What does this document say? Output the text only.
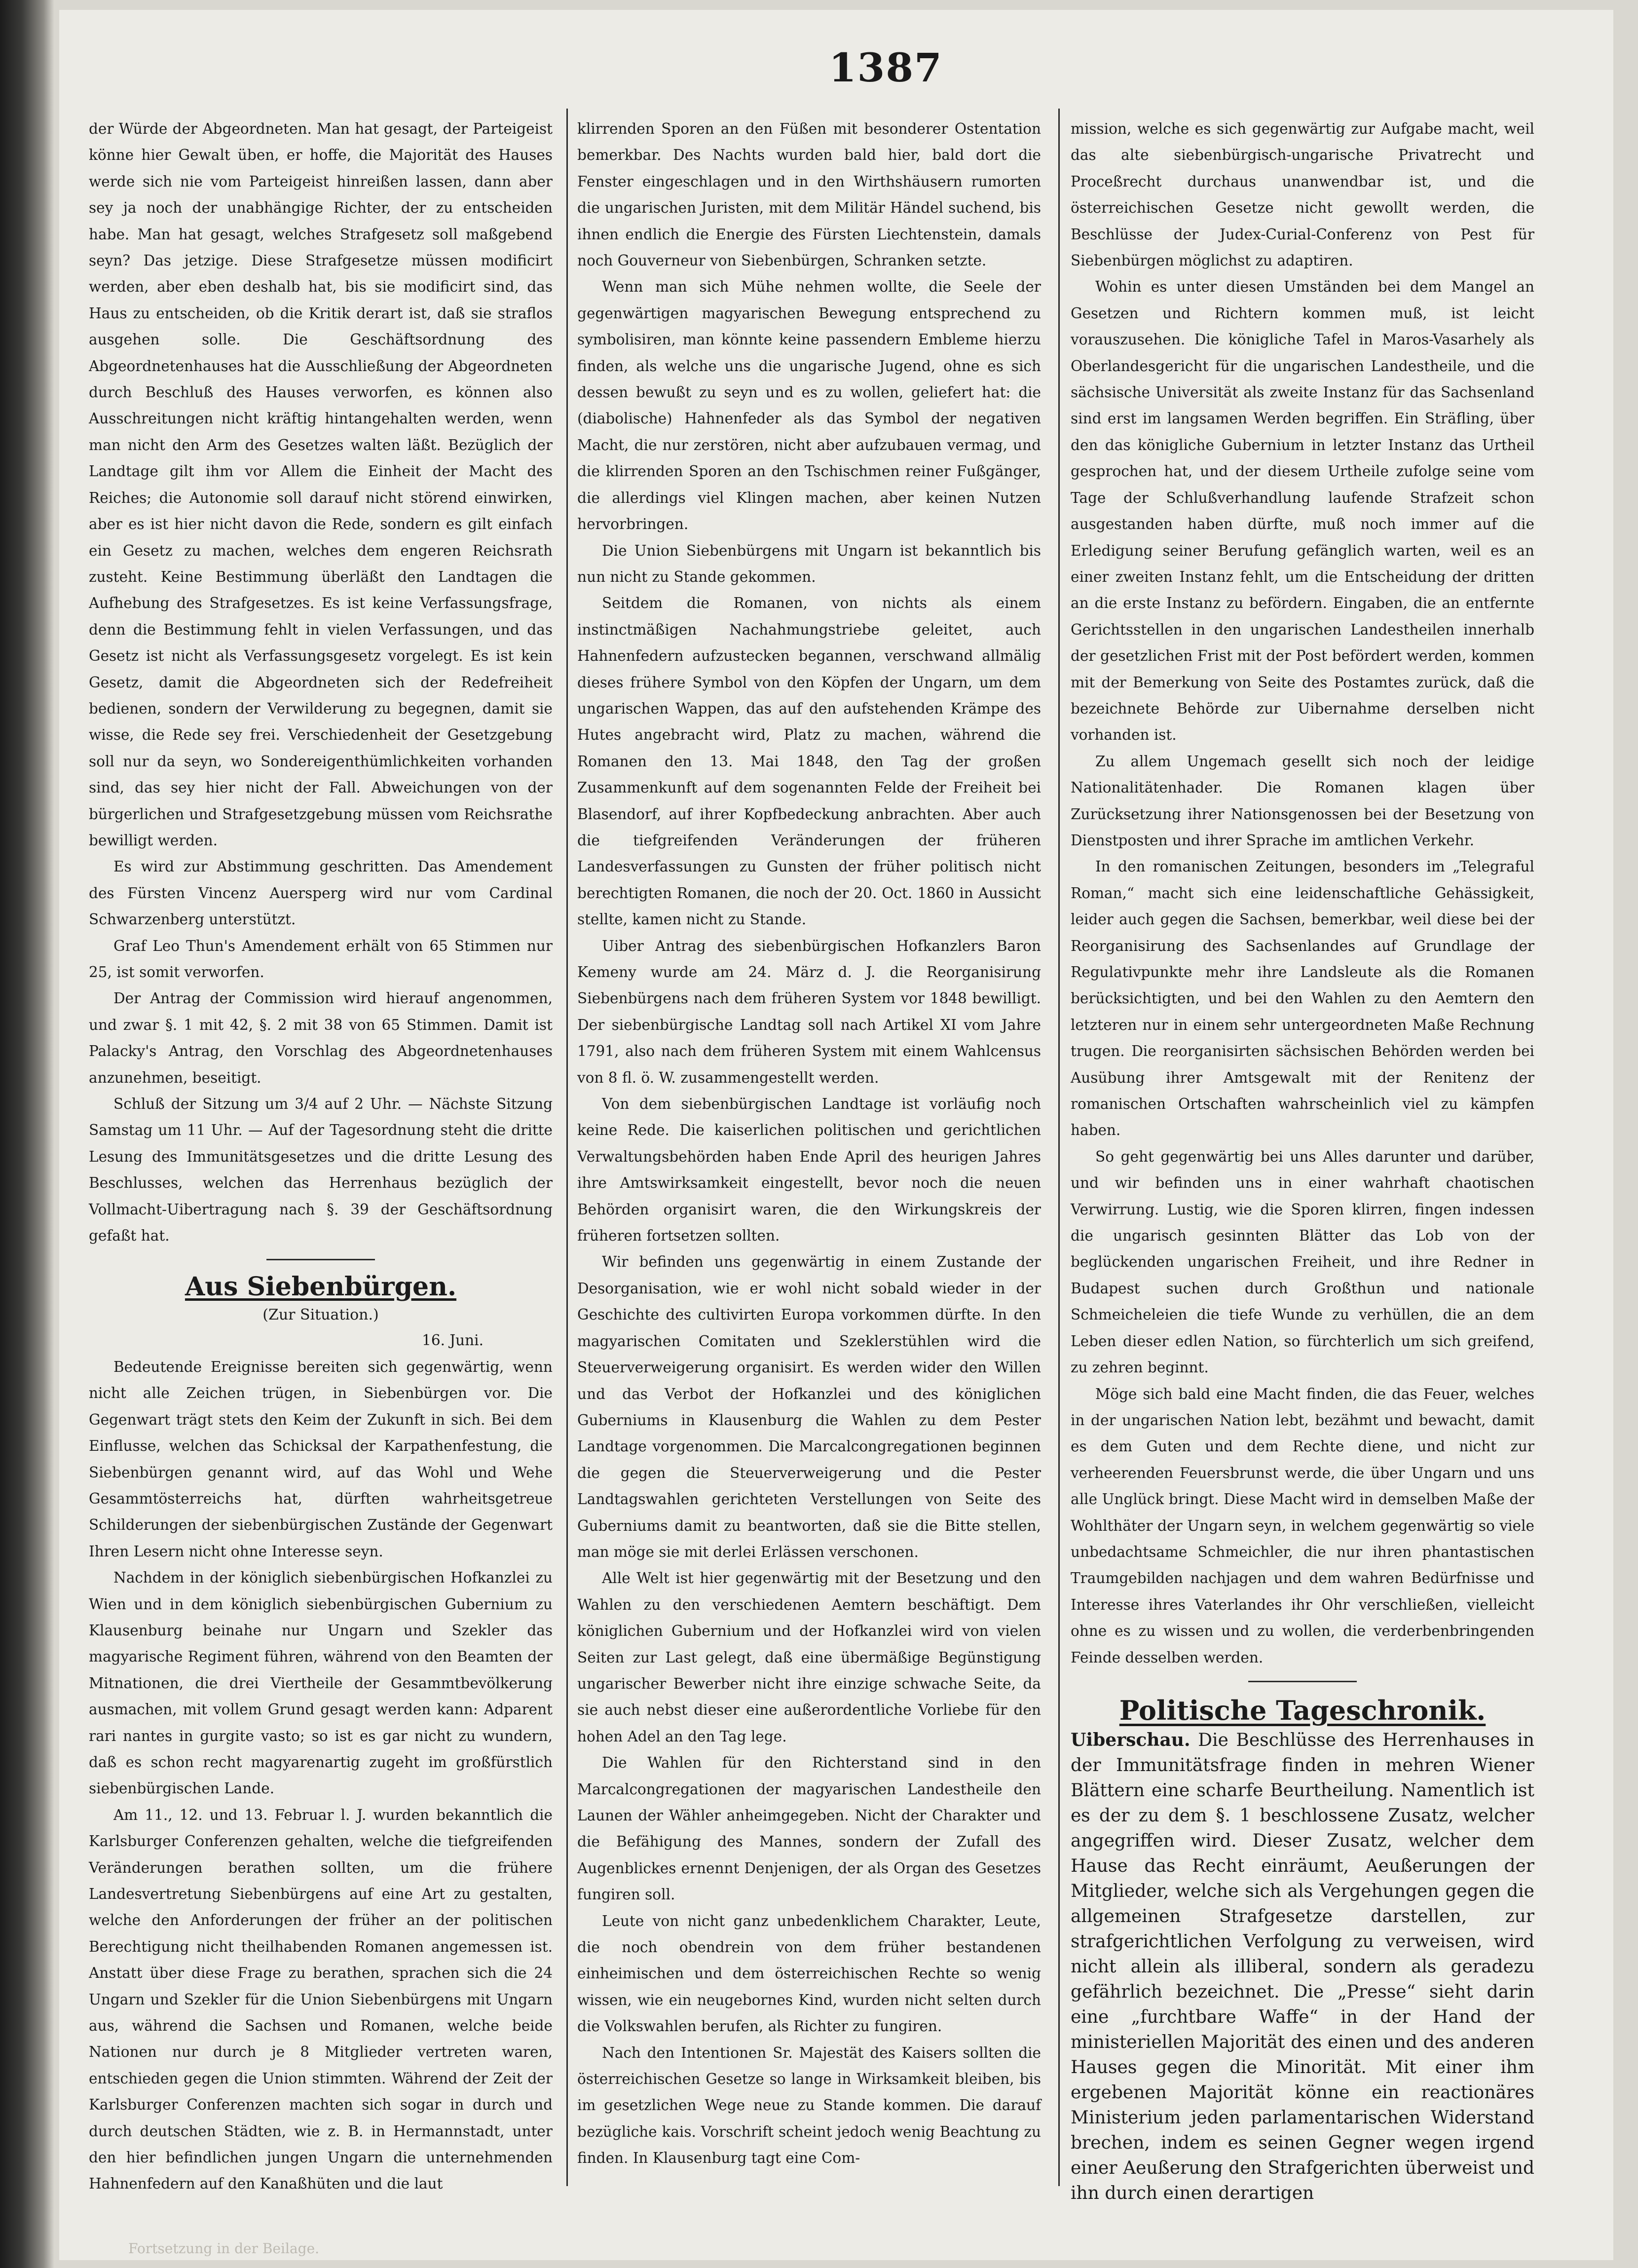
1387

der Würde der Abgeordneten. Man hat gesagt, der Parteigeist könne hier Gewalt üben, er hoffe, die Majorität des Hauses werde sich nie vom Parteigeist hinreißen lassen, dann aber sey ja noch der unabhängige Richter, der zu entscheiden habe. Man hat gesagt, welches Strafgesetz soll maßgebend seyn? Das jetzige. Diese Strafgesetze müssen modificirt werden, aber eben deshalb hat, bis sie modificirt sind, das Haus zu entscheiden, ob die Kritik derart ist, daß sie straflos ausgehen solle. Die Geschäftsordnung des Abgeordnetenhauses hat die Ausschließung der Abgeordneten durch Beschluß des Hauses verworfen, es können also Ausschreitungen nicht kräftig hintangehalten werden, wenn man nicht den Arm des Gesetzes walten läßt. Bezüglich der Landtage gilt ihm vor Allem die Einheit der Macht des Reiches; die Autonomie soll darauf nicht störend einwirken, aber es ist hier nicht davon die Rede, sondern es gilt einfach ein Gesetz zu machen, welches dem engeren Reichsrath zusteht. Keine Bestimmung überläßt den Landtagen die Aufhebung des Strafgesetzes. Es ist keine Verfassungsfrage, denn die Bestimmung fehlt in vielen Verfassungen, und das Gesetz ist nicht als Verfassungsgesetz vorgelegt. Es ist kein Gesetz, damit die Abgeordneten sich der Redefreiheit bedienen, sondern der Verwilderung zu begegnen, damit sie wisse, die Rede sey frei. Verschiedenheit der Gesetzgebung soll nur da seyn, wo Sondereigenthümlichkeiten vorhanden sind, das sey hier nicht der Fall. Abweichungen von der bürgerlichen und Strafgesetzgebung müssen vom Reichsrathe bewilligt werden.

Es wird zur Abstimmung geschritten. Das Amendement des Fürsten Vincenz Auersperg wird nur vom Cardinal Schwarzenberg unterstützt.

Graf Leo Thun's Amendement erhält von 65 Stimmen nur 25, ist somit verworfen.

Der Antrag der Commission wird hierauf angenommen, und zwar §. 1 mit 42, §. 2 mit 38 von 65 Stimmen. Damit ist Palacky's Antrag, den Vorschlag des Abgeordnetenhauses anzunehmen, beseitigt.

Schluß der Sitzung um 3/4 auf 2 Uhr. — Nächste Sitzung Samstag um 11 Uhr. — Auf der Tagesordnung steht die dritte Lesung des Immunitätsgesetzes und die dritte Lesung des Beschlusses, welchen das Herrenhaus bezüglich der Vollmacht-Uibertragung nach §. 39 der Geschäftsordnung gefaßt hat.

Aus Siebenbürgen.
(Zur Situation.)
16. Juni.

Bedeutende Ereignisse bereiten sich gegenwärtig, wenn nicht alle Zeichen trügen, in Siebenbürgen vor. Die Gegenwart trägt stets den Keim der Zukunft in sich. Bei dem Einflusse, welchen das Schicksal der Karpathenfestung, die Siebenbürgen genannt wird, auf das Wohl und Wehe Gesammtösterreichs hat, dürften wahrheitsgetreue Schilderungen der siebenbürgischen Zustände der Gegenwart Ihren Lesern nicht ohne Interesse seyn.

Nachdem in der königlich siebenbürgischen Hofkanzlei zu Wien und in dem königlich siebenbürgischen Gubernium zu Klausenburg beinahe nur Ungarn und Szekler das magyarische Regiment führen, während von den Beamten der Mitnationen, die drei Viertheile der Gesammtbevölkerung ausmachen, mit vollem Grund gesagt werden kann: Adparent rari nantes in gurgite vasto; so ist es gar nicht zu wundern, daß es schon recht magyarenartig zugeht im großfürstlich siebenbürgischen Lande.

Am 11., 12. und 13. Februar l. J. wurden bekanntlich die Karlsburger Conferenzen gehalten, welche die tiefgreifenden Veränderungen berathen sollten, um die frühere Landesvertretung Siebenbürgens auf eine Art zu gestalten, welche den Anforderungen der früher an der politischen Berechtigung nicht theilhabenden Romanen angemessen ist. Anstatt über diese Frage zu berathen, sprachen sich die 24 Ungarn und Szekler für die Union Siebenbürgens mit Ungarn aus, während die Sachsen und Romanen, welche beide Nationen nur durch je 8 Mitglieder vertreten waren, entschieden gegen die Union stimmten. Während der Zeit der Karlsburger Conferenzen machten sich sogar in durch und durch deutschen Städten, wie z. B. in Hermannstadt, unter den hier befindlichen jungen Ungarn die unternehmenden Hahnenfedern auf den Kanaßhüten und die laut

klirrenden Sporen an den Füßen mit besonderer Ostentation bemerkbar. Des Nachts wurden bald hier, bald dort die Fenster eingeschlagen und in den Wirthshäusern rumorten die ungarischen Juristen, mit dem Militär Händel suchend, bis ihnen endlich die Energie des Fürsten Liechtenstein, damals noch Gouverneur von Siebenbürgen, Schranken setzte.

Wenn man sich Mühe nehmen wollte, die Seele der gegenwärtigen magyarischen Bewegung entsprechend zu symbolisiren, man könnte keine passendern Embleme hierzu finden, als welche uns die ungarische Jugend, ohne es sich dessen bewußt zu seyn und es zu wollen, geliefert hat: die (diabolische) Hahnenfeder als das Symbol der negativen Macht, die nur zerstören, nicht aber aufzubauen vermag, und die klirrenden Sporen an den Tschischmen reiner Fußgänger, die allerdings viel Klingen machen, aber keinen Nutzen hervorbringen.

Die Union Siebenbürgens mit Ungarn ist bekanntlich bis nun nicht zu Stande gekommen.

Seitdem die Romanen, von nichts als einem instinctmäßigen Nachahmungstriebe geleitet, auch Hahnenfedern aufzustecken begannen, verschwand allmälig dieses frühere Symbol von den Köpfen der Ungarn, um dem ungarischen Wappen, das auf den aufstehenden Krämpe des Hutes angebracht wird, Platz zu machen, während die Romanen den 13. Mai 1848, den Tag der großen Zusammenkunft auf dem sogenannten Felde der Freiheit bei Blasendorf, auf ihrer Kopfbedeckung anbrachten. Aber auch die tiefgreifenden Veränderungen der früheren Landesverfassungen zu Gunsten der früher politisch nicht berechtigten Romanen, die noch der 20. Oct. 1860 in Aussicht stellte, kamen nicht zu Stande.

Uiber Antrag des siebenbürgischen Hofkanzlers Baron Kemeny wurde am 24. März d. J. die Reorganisirung Siebenbürgens nach dem früheren System vor 1848 bewilligt. Der siebenbürgische Landtag soll nach Artikel XI vom Jahre 1791, also nach dem früheren System mit einem Wahlcensus von 8 fl. ö. W. zusammengestellt werden.

Von dem siebenbürgischen Landtage ist vorläufig noch keine Rede. Die kaiserlichen politischen und gerichtlichen Verwaltungsbehörden haben Ende April des heurigen Jahres ihre Amtswirksamkeit eingestellt, bevor noch die neuen Behörden organisirt waren, die den Wirkungskreis der früheren fortsetzen sollten.

Wir befinden uns gegenwärtig in einem Zustande der Desorganisation, wie er wohl nicht sobald wieder in der Geschichte des cultivirten Europa vorkommen dürfte. In den magyarischen Comitaten und Szeklerstühlen wird die Steuerverweigerung organisirt. Es werden wider den Willen und das Verbot der Hofkanzlei und des königlichen Guberniums in Klausenburg die Wahlen zu dem Pester Landtage vorgenommen. Die Marcalcongregationen beginnen die gegen die Steuerverweigerung und die Pester Landtagswahlen gerichteten Verstellungen von Seite des Guberniums damit zu beantworten, daß sie die Bitte stellen, man möge sie mit derlei Erlässen verschonen.

Alle Welt ist hier gegenwärtig mit der Besetzung und den Wahlen zu den verschiedenen Aemtern beschäftigt. Dem königlichen Gubernium und der Hofkanzlei wird von vielen Seiten zur Last gelegt, daß eine übermäßige Begünstigung ungarischer Bewerber nicht ihre einzige schwache Seite, da sie auch nebst dieser eine außerordentliche Vorliebe für den hohen Adel an den Tag lege.

Die Wahlen für den Richterstand sind in den Marcalcongregationen der magyarischen Landestheile den Launen der Wähler anheimgegeben. Nicht der Charakter und die Befähigung des Mannes, sondern der Zufall des Augenblickes ernennt Denjenigen, der als Organ des Gesetzes fungiren soll.

Leute von nicht ganz unbedenklichem Charakter, Leute, die noch obendrein von dem früher bestandenen einheimischen und dem österreichischen Rechte so wenig wissen, wie ein neugebornes Kind, wurden nicht selten durch die Volkswahlen berufen, als Richter zu fungiren.

Nach den Intentionen Sr. Majestät des Kaisers sollten die österreichischen Gesetze so lange in Wirksamkeit bleiben, bis im gesetzlichen Wege neue zu Stande kommen. Die darauf bezügliche kais. Vorschrift scheint jedoch wenig Beachtung zu finden. In Klausenburg tagt eine Com-

mission, welche es sich gegenwärtig zur Aufgabe macht, weil das alte siebenbürgisch-ungarische Privatrecht und Proceßrecht durchaus unanwendbar ist, und die österreichischen Gesetze nicht gewollt werden, die Beschlüsse der Judex-Curial-Conferenz von Pest für Siebenbürgen möglichst zu adaptiren.

Wohin es unter diesen Umständen bei dem Mangel an Gesetzen und Richtern kommen muß, ist leicht vorauszusehen. Die königliche Tafel in Maros-Vasarhely als Oberlandesgericht für die ungarischen Landestheile, und die sächsische Universität als zweite Instanz für das Sachsenland sind erst im langsamen Werden begriffen. Ein Sträfling, über den das königliche Gubernium in letzter Instanz das Urtheil gesprochen hat, und der diesem Urtheile zufolge seine vom Tage der Schlußverhandlung laufende Strafzeit schon ausgestanden haben dürfte, muß noch immer auf die Erledigung seiner Berufung gefänglich warten, weil es an einer zweiten Instanz fehlt, um die Entscheidung der dritten an die erste Instanz zu befördern. Eingaben, die an entfernte Gerichtsstellen in den ungarischen Landestheilen innerhalb der gesetzlichen Frist mit der Post befördert werden, kommen mit der Bemerkung von Seite des Postamtes zurück, daß die bezeichnete Behörde zur Uibernahme derselben nicht vorhanden ist.

Zu allem Ungemach gesellt sich noch der leidige Nationalitätenhader. Die Romanen klagen über Zurücksetzung ihrer Nationsgenossen bei der Besetzung von Dienstposten und ihrer Sprache im amtlichen Verkehr.

In den romanischen Zeitungen, besonders im „Telegraful Roman,“ macht sich eine leidenschaftliche Gehässigkeit, leider auch gegen die Sachsen, bemerkbar, weil diese bei der Reorganisirung des Sachsenlandes auf Grundlage der Regulativpunkte mehr ihre Landsleute als die Romanen berücksichtigten, und bei den Wahlen zu den Aemtern den letzteren nur in einem sehr untergeordneten Maße Rechnung trugen. Die reorganisirten sächsischen Behörden werden bei Ausübung ihrer Amtsgewalt mit der Renitenz der romanischen Ortschaften wahrscheinlich viel zu kämpfen haben.

So geht gegenwärtig bei uns Alles darunter und darüber, und wir befinden uns in einer wahrhaft chaotischen Verwirrung. Lustig, wie die Sporen klirren, fingen indessen die ungarisch gesinnten Blätter das Lob von der beglückenden ungarischen Freiheit, und ihre Redner in Budapest suchen durch Großthun und nationale Schmeicheleien die tiefe Wunde zu verhüllen, die an dem Leben dieser edlen Nation, so fürchterlich um sich greifend, zu zehren beginnt.

Möge sich bald eine Macht finden, die das Feuer, welches in der ungarischen Nation lebt, bezähmt und bewacht, damit es dem Guten und dem Rechte diene, und nicht zur verheerenden Feuersbrunst werde, die über Ungarn und uns alle Unglück bringt. Diese Macht wird in demselben Maße der Wohlthäter der Ungarn seyn, in welchem gegenwärtig so viele unbedachtsame Schmeichler, die nur ihren phantastischen Traumgebilden nachjagen und dem wahren Bedürfnisse und Interesse ihres Vaterlandes ihr Ohr verschließen, vielleicht ohne es zu wissen und zu wollen, die verderbenbringenden Feinde desselben werden.

Politische Tageschronik.

Uiberschau. Die Beschlüsse des Herrenhauses in der Immunitätsfrage finden in mehren Wiener Blättern eine scharfe Beurtheilung. Namentlich ist es der zu dem §. 1 beschlossene Zusatz, welcher angegriffen wird. Dieser Zusatz, welcher dem Hause das Recht einräumt, Aeußerungen der Mitglieder, welche sich als Vergehungen gegen die allgemeinen Strafgesetze darstellen, zur strafgerichtlichen Verfolgung zu verweisen, wird nicht allein als illiberal, sondern als geradezu gefährlich bezeichnet. Die „Presse“ sieht darin eine „furchtbare Waffe“ in der Hand der ministeriellen Majorität des einen und des anderen Hauses gegen die Minorität. Mit einer ihm ergebenen Majorität könne ein reactionäres Ministerium jeden parlamentarischen Widerstand brechen, indem es seinen Gegner wegen irgend einer Aeußerung den Strafgerichten überweist und ihn durch einen derartigen

Fortsetzung in der Beilage.
